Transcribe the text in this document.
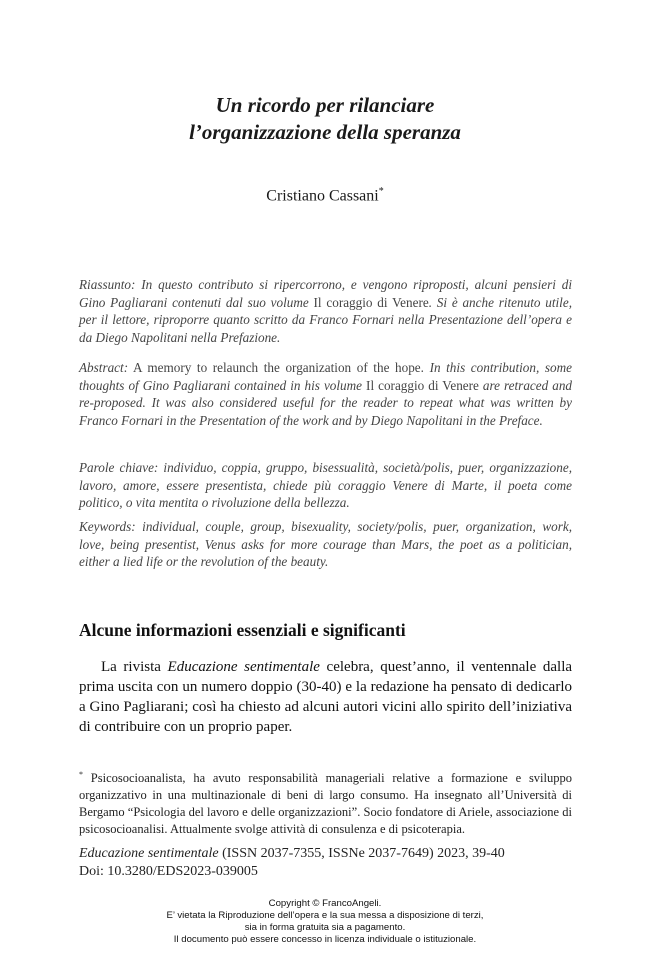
Un ricordo per rilanciare
l’organizzazione della speranza
Cristiano Cassani*
Riassunto: In questo contributo si ripercorrono, e vengono riproposti, alcuni pensieri di Gino Pagliarani contenuti dal suo volume Il coraggio di Venere. Si è anche ritenuto utile, per il lettore, riproporre quanto scritto da Franco Fornari nella Presentazione dell’opera e da Diego Napolitani nella Prefazione.
Abstract: A memory to relaunch the organization of the hope. In this contribution, some thoughts of Gino Pagliarani contained in his volume Il coraggio di Venere are retraced and re-proposed. It was also considered useful for the reader to repeat what was written by Franco Fornari in the Presentation of the work and by Diego Napolitani in the Preface.
Parole chiave: individuo, coppia, gruppo, bisessualità, società/polis, puer, organizzazione, lavoro, amore, essere presentista, chiede più coraggio Venere di Marte, il poeta come politico, o vita mentita o rivoluzione della bellezza.
Keywords: individual, couple, group, bisexuality, society/polis, puer, organization, work, love, being presentist, Venus asks for more courage than Mars, the poet as a politician, either a lied life or the revolution of the beauty.
Alcune informazioni essenziali e significanti
La rivista Educazione sentimentale celebra, quest’anno, il ventennale dalla prima uscita con un numero doppio (30-40) e la redazione ha pensato di dedicarlo a Gino Pagliarani; così ha chiesto ad alcuni autori vicini allo spirito dell’iniziativa di contribuire con un proprio paper.
* Psicosocioanalista, ha avuto responsabilità manageriali relative a formazione e sviluppo organizzativo in una multinazionale di beni di largo consumo. Ha insegnato all’Università di Bergamo “Psicologia del lavoro e delle organizzazioni”. Socio fondatore di Ariele, associazione di psicosocioanalisi. Attualmente svolge attività di consulenza e di psicoterapia.
Educazione sentimentale (ISSN 2037-7355, ISSNe 2037-7649) 2023, 39-40
Doi: 10.3280/EDS2023-039005
Copyright © FrancoAngeli.
E’ vietata la Riproduzione dell’opera e la sua messa a disposizione di terzi,
sia in forma gratuita sia a pagamento.
Il documento può essere concesso in licenza individuale o istituzionale.
